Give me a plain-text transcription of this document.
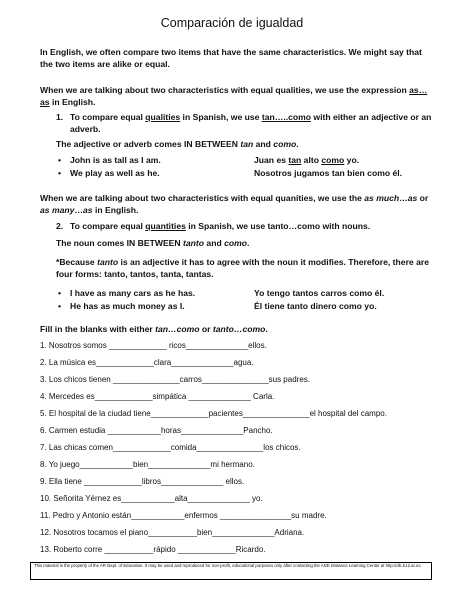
Comparación de igualdad
In English, we often compare two items that have the same characteristics. We might say that the two items are alike or equal.
When we are talking about two characteristics with equal qualities, we use the expression as…as in English.
1. To compare equal qualities in Spanish, we use tan…..como with either an adjective or an adverb.
The adjective or adverb comes IN BETWEEN tan and como.
• John is as tall as I am.	Juan es tan alto como yo.
• We play as well as he.	Nosotros jugamos tan bien como él.
When we are talking about two characteristics with equal quanities, we use the as much…as or as many…as in English.
2. To compare equal quantities in Spanish, we use tanto…como with nouns.
The noun comes IN BETWEEN tanto and como.
*Because tanto is an adjective it has to agree with the noun it modifies. Therefore, there are four forms: tanto, tantos, tanta, tantas.
• I have as many cars as he has.	Yo tengo tantos carros como él.
• He has as much money as I.	Él tiene tanto dinero como yo.
Fill in the blanks with either tan…como or tanto…como.
1. Nosotros somos _____________ ricos______________ellos.
2. La música es_____________clara______________agua.
3. Los chicos tienen _______________carros_______________sus padres.
4. Mercedes es_____________simpática ______________ Carla.
5. El hospital de la ciudad tiene_____________pacientes_______________el hospital del campo.
6. Carmen estudia ____________horas______________Pancho.
7. Las chicas comen_____________comida_______________los chicos.
8. Yo juego____________bien______________mi hermano.
9. Ella tiene _____________libros______________ ellos.
10. Señorita Yérnez es____________alta______________ yo.
11. Pedro y Antonio están____________enfermos ________________su madre.
12. Nosotros tocamos el piano___________bien______________Adriana.
13. Roberto corre ___________rápido _____________Ricardo.
This material is the property of the AR Dept. of Education. It may be used and reproduced for non-profit, educational purposes only after contacting the ADE Distance Learning Center at http://dlc.k12.ar.us.
